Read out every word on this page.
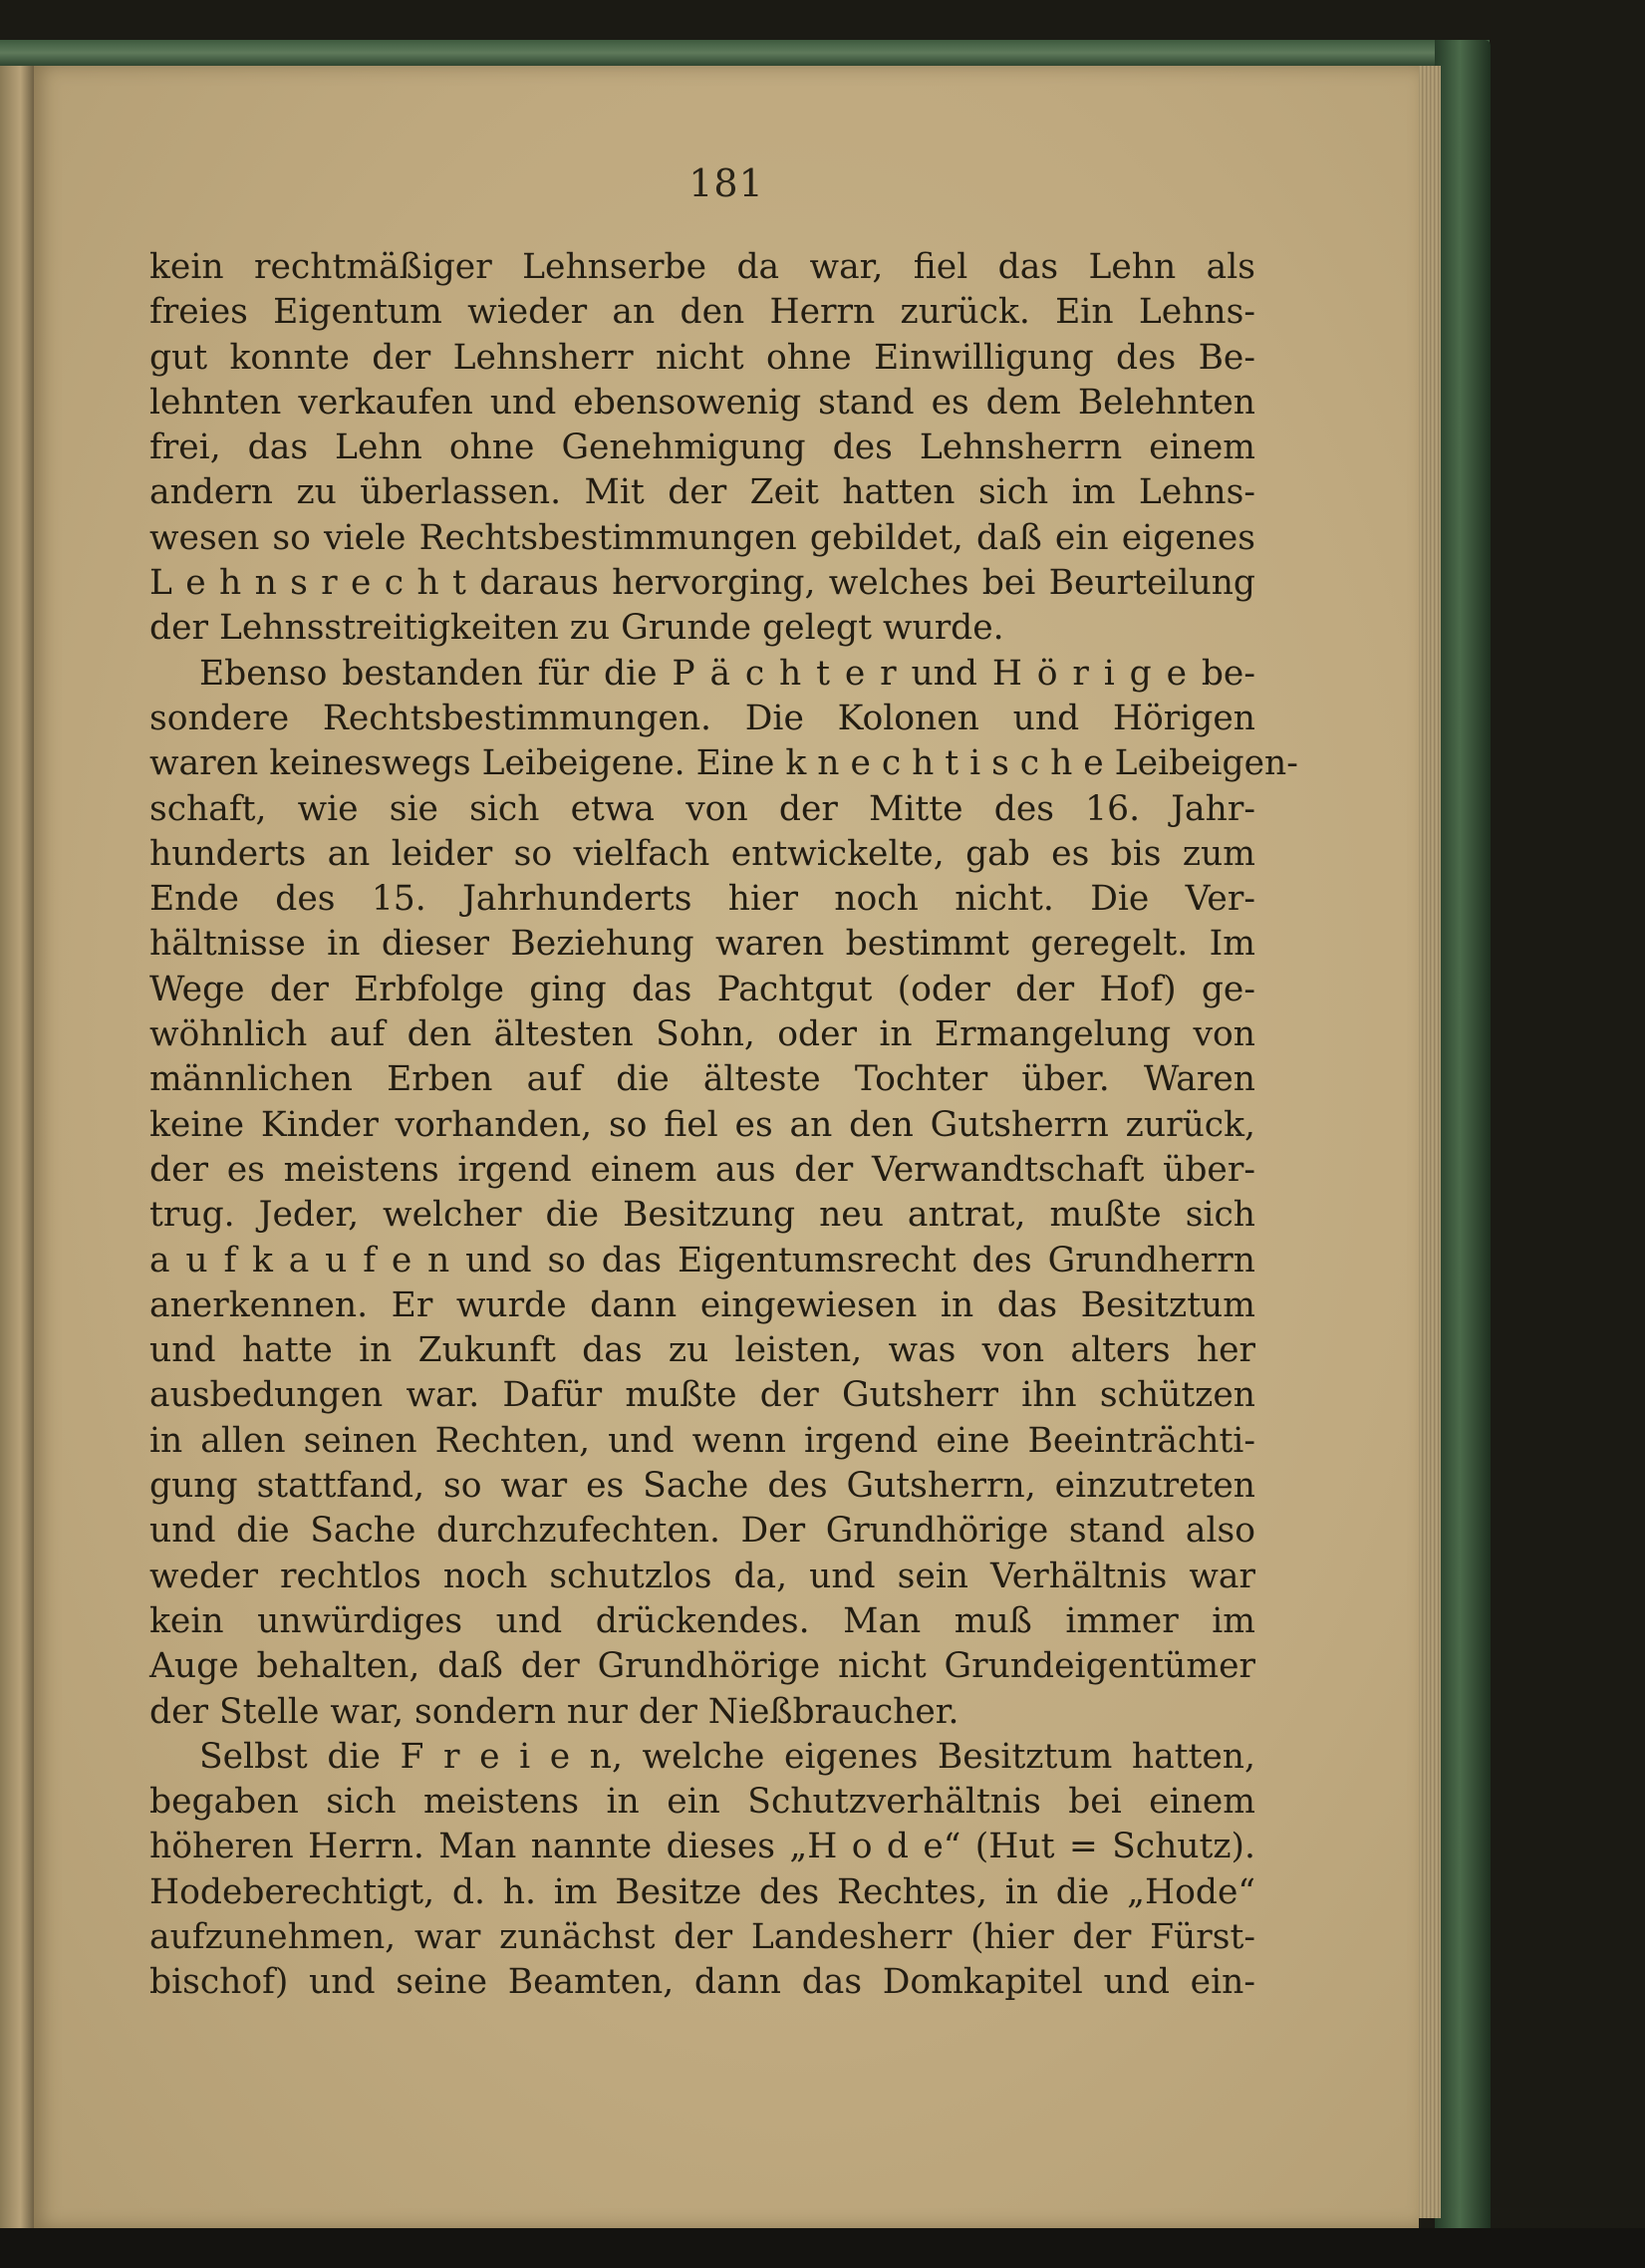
181
kein rechtmäßiger Lehnserbe da war, fiel das Lehn als
freies Eigentum wieder an den Herrn zurück. Ein Lehns-
gut konnte der Lehnsherr nicht ohne Einwilligung des Be-
lehnten verkaufen und ebensowenig stand es dem Belehnten
frei, das Lehn ohne Genehmigung des Lehnsherrn einem
andern zu überlassen. Mit der Zeit hatten sich im Lehns-
wesen so viele Rechtsbestimmungen gebildet, daß ein eigenes
L e h n s r e c h t daraus hervorging, welches bei Beurteilung
der Lehnsstreitigkeiten zu Grunde gelegt wurde.
Ebenso bestanden für die P ä c h t e r und H ö r i g e be-
sondere Rechtsbestimmungen. Die Kolonen und Hörigen
waren keineswegs Leibeigene. Eine k n e c h t i s c h e Leibeigen-
schaft, wie sie sich etwa von der Mitte des 16. Jahr-
hunderts an leider so vielfach entwickelte, gab es bis zum
Ende des 15. Jahrhunderts hier noch nicht. Die Ver-
hältnisse in dieser Beziehung waren bestimmt geregelt. Im
Wege der Erbfolge ging das Pachtgut (oder der Hof) ge-
wöhnlich auf den ältesten Sohn, oder in Ermangelung von
männlichen Erben auf die älteste Tochter über. Waren
keine Kinder vorhanden, so fiel es an den Gutsherrn zurück,
der es meistens irgend einem aus der Verwandtschaft über-
trug. Jeder, welcher die Besitzung neu antrat, mußte sich
a u f k a u f e n und so das Eigentumsrecht des Grundherrn
anerkennen. Er wurde dann eingewiesen in das Besitztum
und hatte in Zukunft das zu leisten, was von alters her
ausbedungen war. Dafür mußte der Gutsherr ihn schützen
in allen seinen Rechten, und wenn irgend eine Beeinträchti-
gung stattfand, so war es Sache des Gutsherrn, einzutreten
und die Sache durchzufechten. Der Grundhörige stand also
weder rechtlos noch schutzlos da, und sein Verhältnis war
kein unwürdiges und drückendes. Man muß immer im
Auge behalten, daß der Grundhörige nicht Grundeigentümer
der Stelle war, sondern nur der Nießbraucher.
Selbst die F r e i e n, welche eigenes Besitztum hatten,
begaben sich meistens in ein Schutzverhältnis bei einem
höheren Herrn. Man nannte dieses „H o d e“ (Hut = Schutz).
Hodeberechtigt, d. h. im Besitze des Rechtes, in die „Hode“
aufzunehmen, war zunächst der Landesherr (hier der Fürst-
bischof) und seine Beamten, dann das Domkapitel und ein-
